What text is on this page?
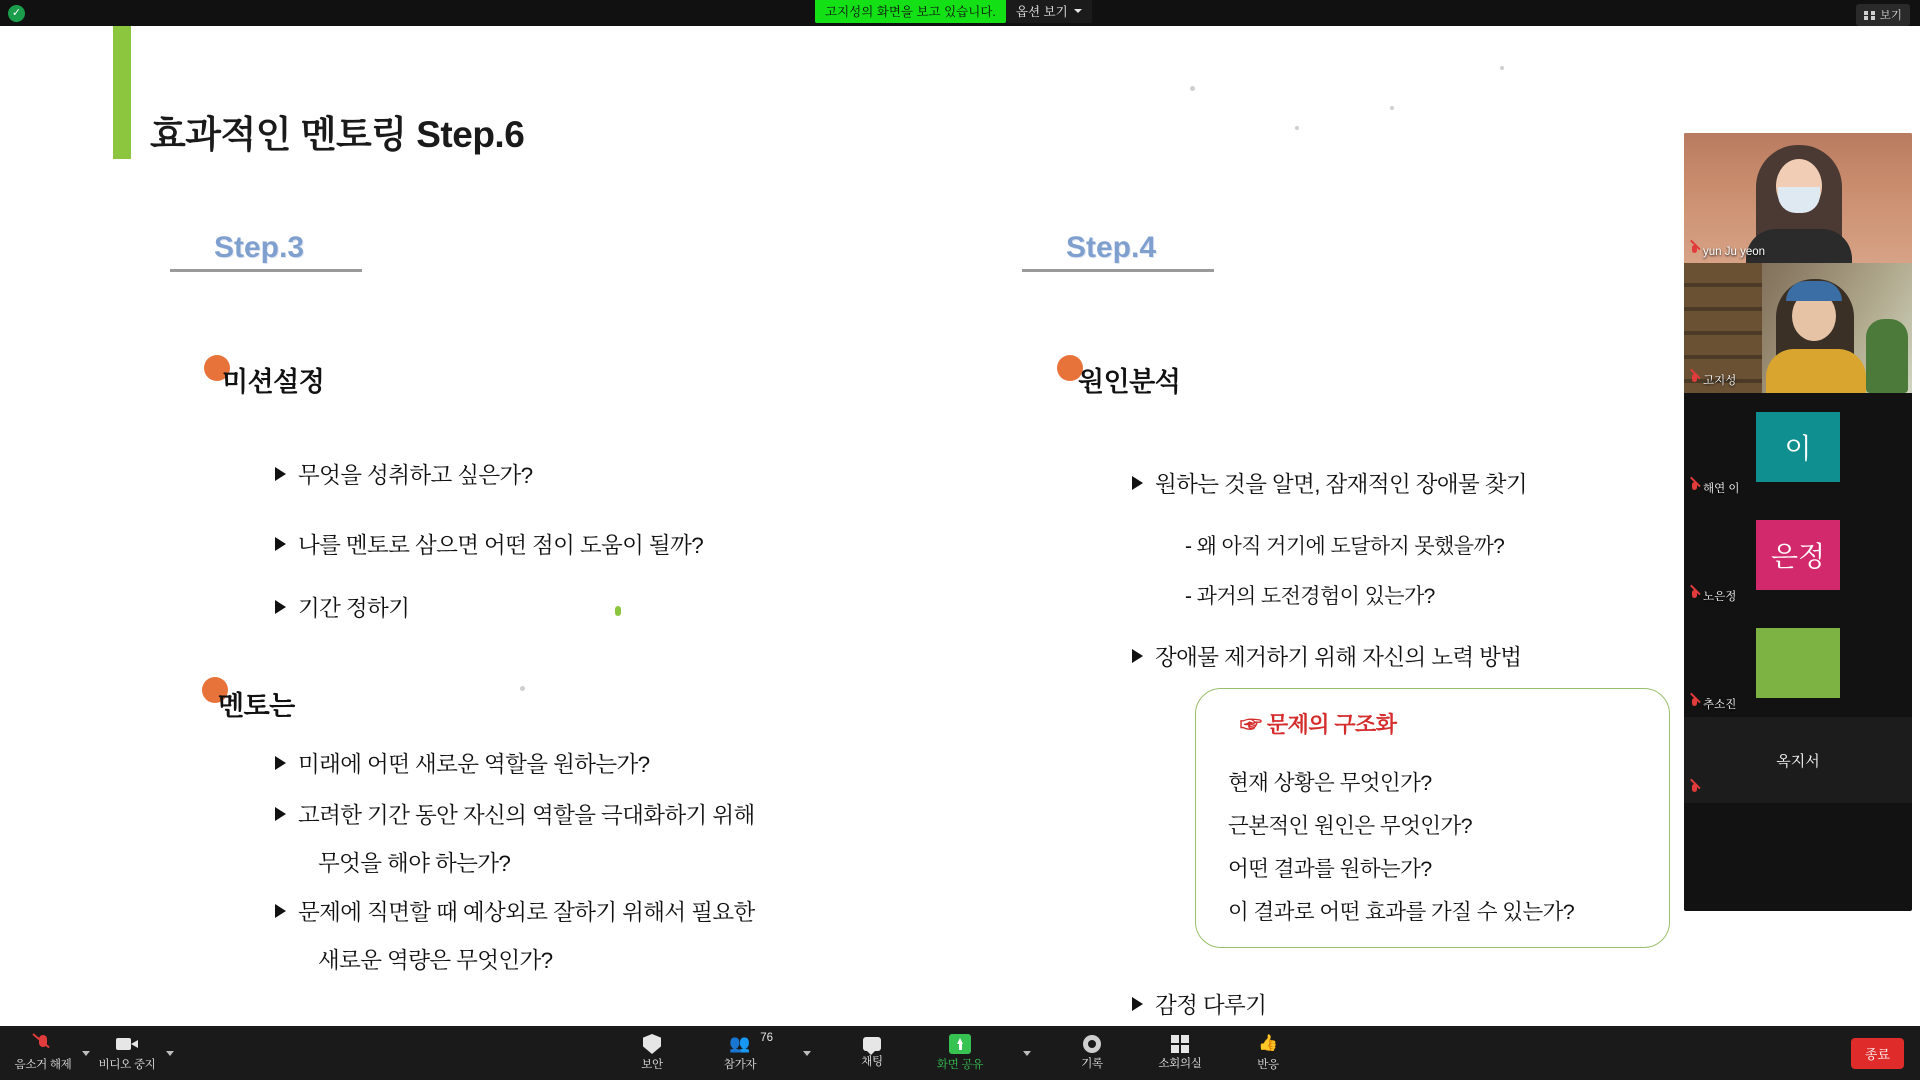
✓	고지성의 화면을 보고 있습니다.	옵션 보기	보기
효과적인 멘토링 Step.6
Step.3
미션설정
무엇을 성취하고 싶은가?
나를 멘토로 삼으면 어떤 점이 도움이 될까?
기간 정하기
멘토는
미래에 어떤 새로운 역할을 원하는가?
고려한 기간 동안 자신의 역할을 극대화하기 위해
무엇을 해야 하는가?
문제에 직면할 때 예상외로 잘하기 위해서 필요한
새로운 역량은 무엇인가?
Step.4
원인분석
원하는 것을 알면, 잠재적인 장애물 찾기
- 왜 아직 거기에 도달하지 못했을까?
- 과거의 도전경험이 있는가?
장애물 제거하기 위해 자신의 노력 방법
☞ 문제의 구조화
현재 상황은 무엇인가?
근본적인 원인은 무엇인가?
어떤 결과를 원하는가?
이 결과로 어떤 효과를 가질 수 있는가?
감정 다루기
yun Ju yeon
고지성
이
해연 이
은정
노은정
추소진
옥지서
음소거 해제 비디오 중지	보안
👥
참가자
76
채팅	화면 공유	기록	소회의실
👍
반응
종료
